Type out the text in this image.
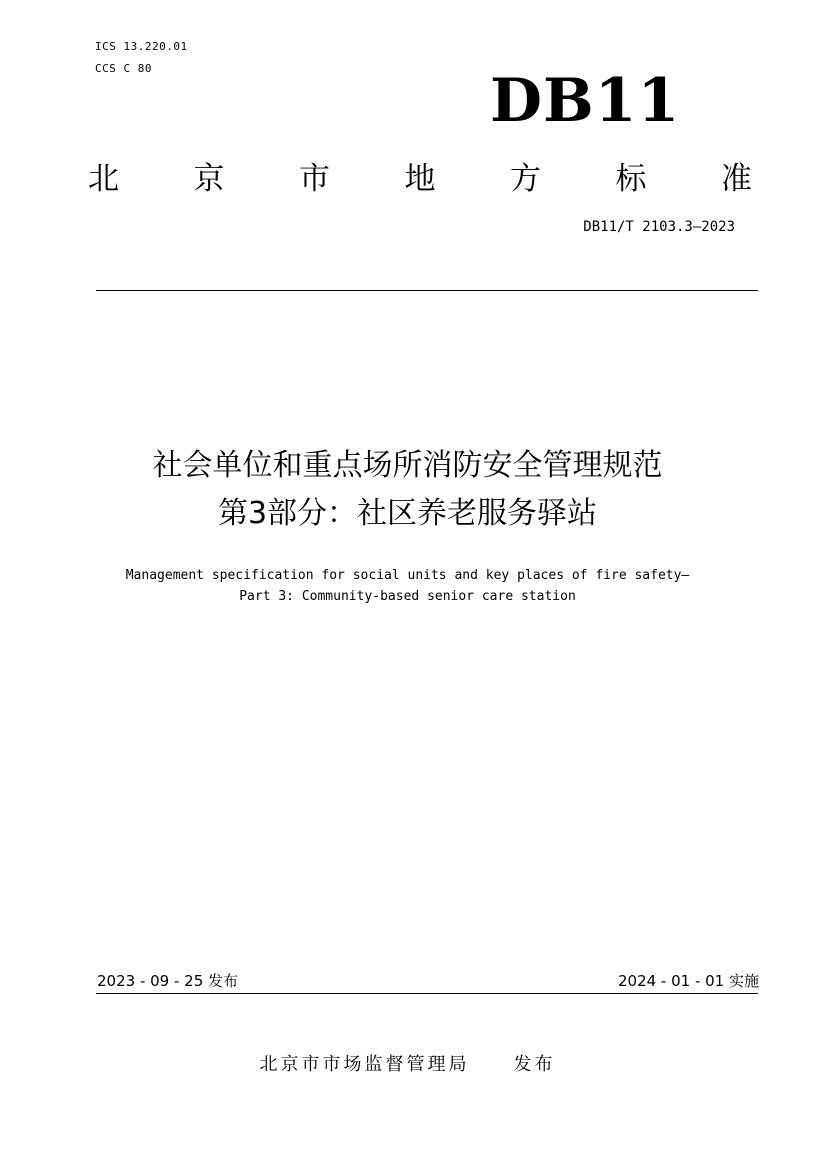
ICS 13.220.01
CCS C 80	DB11
北 京 市 地 方 标 准
DB11/T 2103.3—2023
社会单位和重点场所消防安全管理规范
第3部分：社区养老服务驿站
Management specification for social units and key places of fire safety—
Part 3: Community-based senior care station
2023 - 09 - 25 发布	2024 - 01 - 01 实施
北京市市场监督管理局 发布
